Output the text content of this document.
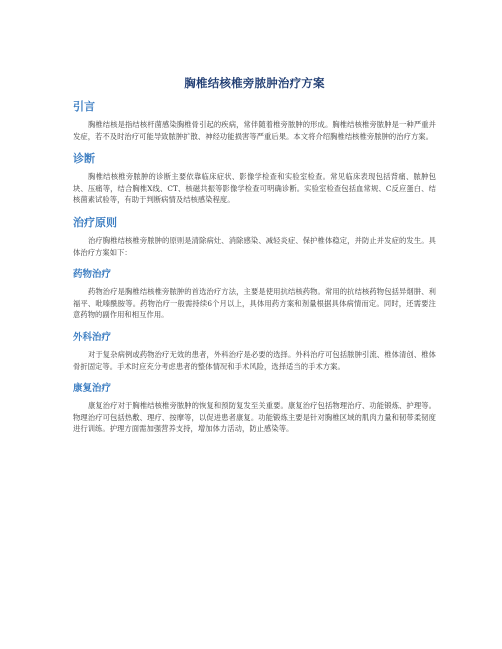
胸椎结核椎旁脓肿治疗方案
引言

胸椎结核是指结核杆菌感染胸椎骨引起的疾病，常伴随着椎旁脓肿的形成。胸椎结核椎旁脓肿是一种严重并发症，若不及时治疗可能导致脓肿扩散、神经功能损害等严重后果。本文将介绍胸椎结核椎旁脓肿的治疗方案。

诊断

胸椎结核椎旁脓肿的诊断主要依靠临床症状、影像学检查和实验室检查。常见临床表现包括背痛、脓肿包块、压痛等，结合胸椎X线、CT、核磁共振等影像学检查可明确诊断。实验室检查包括血常规、C反应蛋白、结核菌素试验等，有助于判断病情及结核感染程度。

治疗原则

治疗胸椎结核椎旁脓肿的原则是清除病灶、消除感染、减轻炎症、保护椎体稳定，并防止并发症的发生。具体治疗方案如下：

药物治疗

药物治疗是胸椎结核椎旁脓肿的首选治疗方法，主要是使用抗结核药物。常用的抗结核药物包括异烟肼、利福平、吡嗪酰胺等。药物治疗一般需持续6个月以上，具体用药方案和剂量根据具体病情而定。同时，还需要注意药物的副作用和相互作用。

外科治疗

对于复杂病例或药物治疗无效的患者，外科治疗是必要的选择。外科治疗可包括脓肿引流、椎体清创、椎体骨折固定等。手术时应充分考虑患者的整体情况和手术风险，选择适当的手术方案。

康复治疗

康复治疗对于胸椎结核椎旁脓肿的恢复和预防复发至关重要。康复治疗包括物理治疗、功能锻炼、护理等。物理治疗可包括热敷、理疗、按摩等，以促进患者康复。功能锻炼主要是针对胸椎区域的肌肉力量和韧带柔韧度进行训练。护理方面需加强营养支持，增加体力活动，防止感染等。
